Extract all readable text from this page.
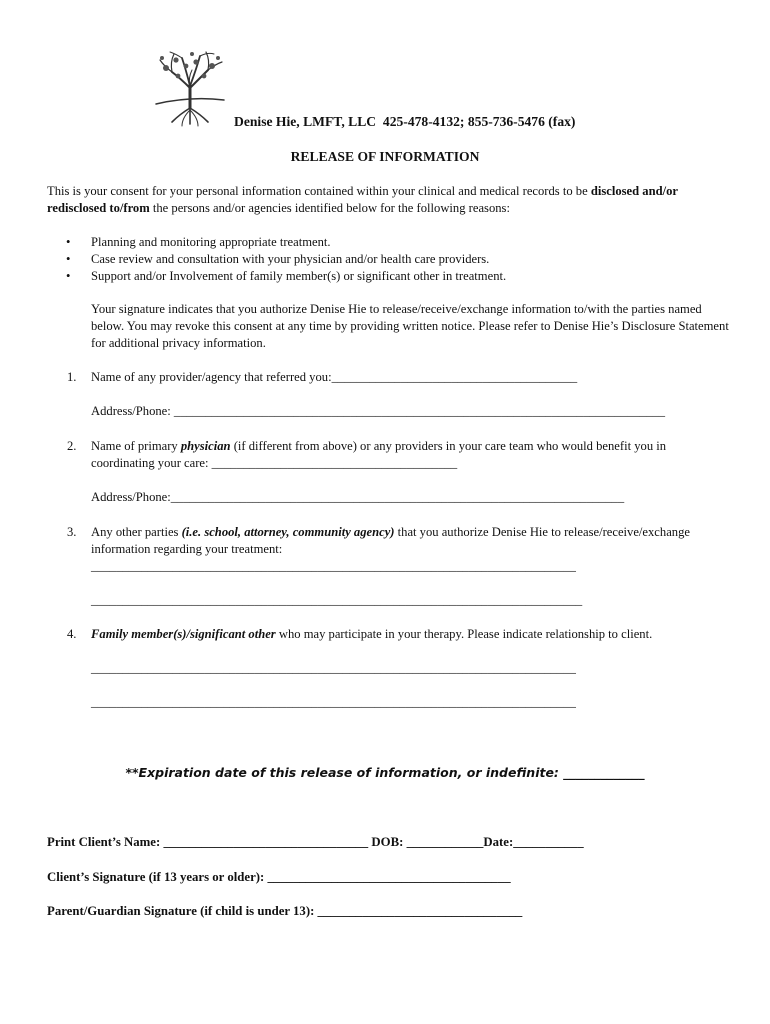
Denise Hie, LMFT, LLC 425-478-4132; 855-736-5476 (fax)
RELEASE OF INFORMATION
This is your consent for your personal information contained within your clinical and medical records to be disclosed and/or redisclosed to/from the persons and/or agencies identified below for the following reasons:
• Planning and monitoring appropriate treatment.
• Case review and consultation with your physician and/or health care providers.
• Support and/or Involvement of family member(s) or significant other in treatment.
Your signature indicates that you authorize Denise Hie to release/receive/exchange information to/with the parties named below. You may revoke this consent at any time by providing written notice. Please refer to Denise Hie’s Disclosure Statement for additional privacy information.
1. Name of any provider/agency that referred you:_______________________________________
Address/Phone: ______________________________________________________________________________
2. Name of primary physician (if different from above) or any providers in your care team who would benefit you in coordinating your care: _______________________________________
Address/Phone:________________________________________________________________________
3. Any other parties (i.e. school, attorney, community agency) that you authorize Denise Hie to release/receive/exchange information regarding your treatment:
_____________________________________________________________________________
______________________________________________________________________________
4. Family member(s)/significant other who may participate in your therapy. Please indicate relationship to client.
_____________________________________________________________________________
_____________________________________________________________________________
**Expiration date of this release of information, or indefinite: _____________
Print Client’s Name: ________________________________ DOB: ____________Date:___________
Client’s Signature (if 13 years or older): ______________________________________
Parent/Guardian Signature (if child is under 13): ________________________________
